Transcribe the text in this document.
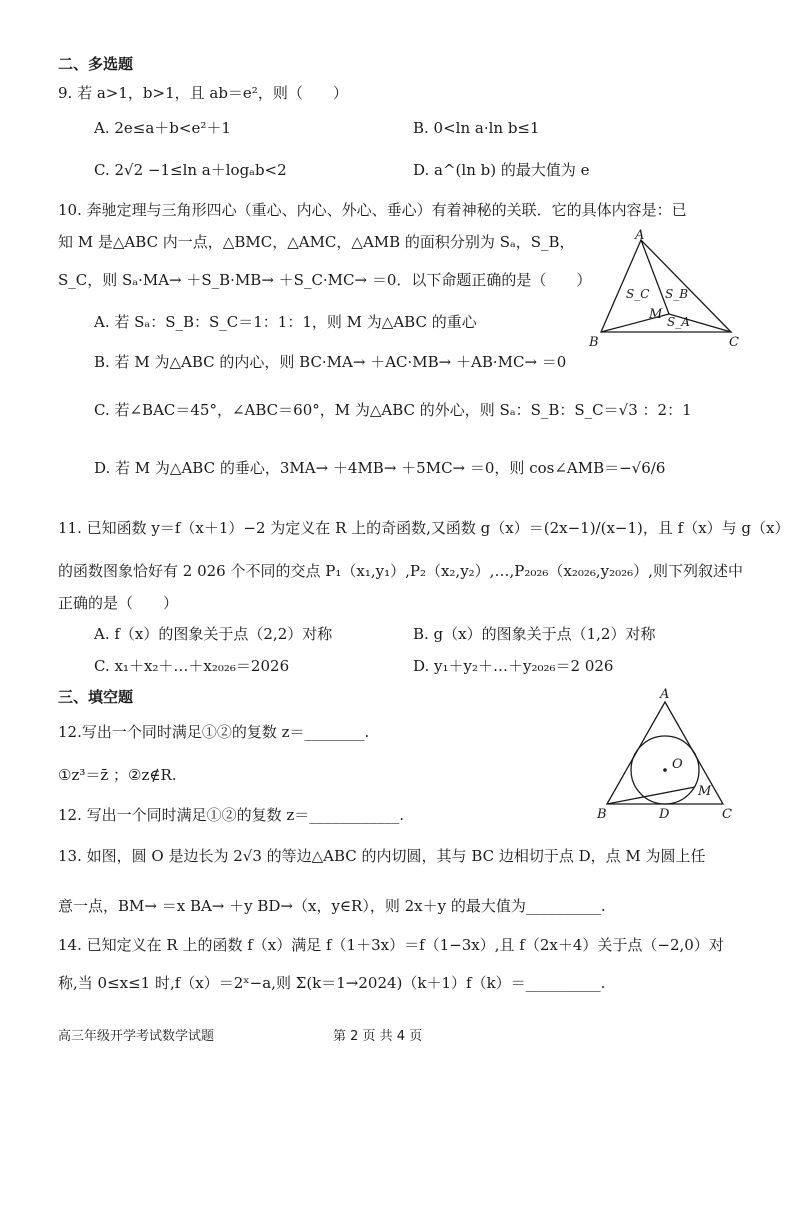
二、多选题
9. 若 a>1，b>1，且 ab＝e²，则（　　）
A. 2e≤a＋b<e²＋1	B. 0<ln a·ln b≤1
C. 2√2 −1≤ln a＋logₐb<2	D. a^(ln b) 的最大值为 e
10. 奔驰定理与三角形四心（重心、内心、外心、垂心）有着神秘的关联．它的具体内容是：已
知 M 是△ABC 内一点，△BMC，△AMC，△AMB 的面积分别为 Sₐ，S_B，
S_C，则 Sₐ·MA→ ＋S_B·MB→ ＋S_C·MC→ ＝0．以下命题正确的是（　　）
A. 若 Sₐ：S_B：S_C＝1：1：1，则 M 为△ABC 的重心
B. 若 M 为△ABC 的内心，则 BC·MA→ ＋AC·MB→ ＋AB·MC→ ＝0
C. 若∠BAC＝45°，∠ABC＝60°，M 为△ABC 的外心，则 Sₐ：S_B：S_C＝√3 ：2：1
D. 若 M 为△ABC 的垂心，3MA→ ＋4MB→ ＋5MC→ ＝0，则 cos∠AMB＝−√6/6
A
B	C
M
S_C S_B
S_A
11. 已知函数 y＝f（x＋1）−2 为定义在 R 上的奇函数,又函数 g（x）＝(2x−1)/(x−1)，且 f（x）与 g（x）
的函数图象恰好有 2 026 个不同的交点 P₁（x₁,y₁）,P₂（x₂,y₂）,…,P₂₀₂₆（x₂₀₂₆,y₂₀₂₆）,则下列叙述中
正确的是（　　）
A. f（x）的图象关于点（2,2）对称	B. g（x）的图象关于点（1,2）对称
C. x₁＋x₂＋…＋x₂₀₂₆＝2026	D. y₁＋y₂＋…＋y₂₀₂₆＝2 026
三、填空题
12.写出一个同时满足①②的复数 z＝________.
①z³＝z̄ ；②z∉R.
12. 写出一个同时满足①②的复数 z＝____________.
A
B	C
D
O
M
13. 如图，圆 O 是边长为 2√3 的等边△ABC 的内切圆，其与 BC 边相切于点 D，点 M 为圆上任
意一点，BM→ ＝x BA→ ＋y BD→（x，y∈R），则 2x＋y 的最大值为__________.
14. 已知定义在 R 上的函数 f（x）满足 f（1＋3x）＝f（1−3x）,且 f（2x＋4）关于点（−2,0）对
称,当 0≤x≤1 时,f（x）＝2ˣ−a,则 Σ(k＝1→2024)（k＋1）f（k）＝__________.
高三年级开学考试数学试题	第 2 页 共 4 页
